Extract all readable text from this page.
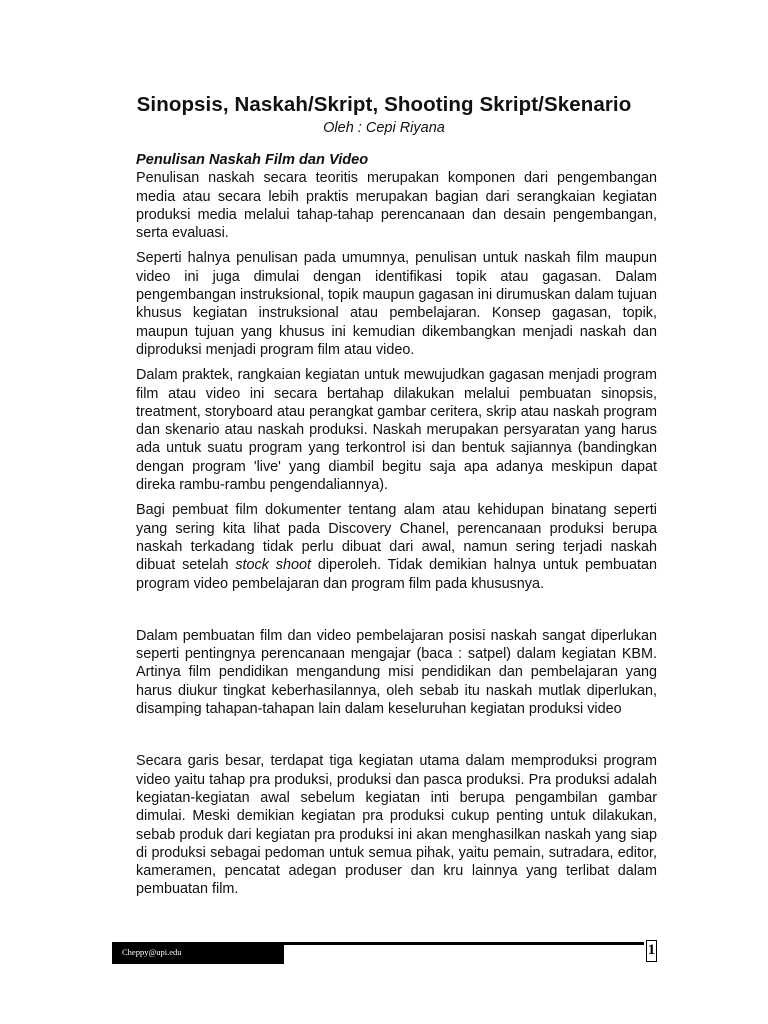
Sinopsis, Naskah/Skript, Shooting Skript/Skenario
Oleh : Cepi Riyana

Penulisan Naskah Film dan Video

Penulisan naskah secara teoritis merupakan komponen dari pengembangan media atau secara lebih praktis merupakan bagian dari serangkaian kegiatan produksi media melalui tahap-tahap perencanaan dan desain pengembangan, serta evaluasi.

Seperti halnya penulisan pada umumnya, penulisan untuk naskah film maupun video ini juga dimulai dengan identifikasi topik atau gagasan. Dalam pengembangan instruksional, topik maupun gagasan ini dirumuskan dalam tujuan khusus kegiatan instruksional atau pembelajaran. Konsep gagasan, topik, maupun tujuan yang khusus ini kemudian dikembangkan menjadi naskah dan diproduksi menjadi program film atau video.

Dalam praktek, rangkaian kegiatan untuk mewujudkan gagasan menjadi program film atau video ini secara bertahap dilakukan melalui pembuatan sinopsis, treatment, storyboard atau perangkat gambar ceritera, skrip atau naskah program dan skenario atau naskah produksi. Naskah merupakan persyaratan yang harus ada untuk suatu program yang terkontrol isi dan bentuk sajiannya (bandingkan dengan program 'live' yang diambil begitu saja apa adanya meskipun dapat direka rambu-rambu pengendaliannya).

Bagi pembuat film dokumenter tentang alam atau kehidupan binatang seperti yang sering kita lihat pada Discovery Chanel, perencanaan produksi berupa naskah terkadang tidak perlu dibuat dari awal, namun sering terjadi naskah dibuat setelah stock shoot diperoleh. Tidak demikian halnya untuk pembuatan program video pembelajaran dan program film pada khususnya.

Dalam pembuatan film dan video pembelajaran posisi naskah sangat diperlukan seperti pentingnya perencanaan mengajar (baca : satpel) dalam kegiatan KBM. Artinya film pendidikan mengandung misi pendidikan dan pembelajaran yang harus diukur tingkat keberhasilannya, oleh sebab itu naskah mutlak diperlukan, disamping tahapan-tahapan lain dalam keseluruhan kegiatan produksi video

Secara garis besar, terdapat tiga kegiatan utama dalam memproduksi program video yaitu tahap pra produksi, produksi dan pasca produksi. Pra produksi adalah kegiatan-kegiatan awal sebelum kegiatan inti berupa pengambilan gambar dimulai. Meski demikian kegiatan pra produksi cukup penting untuk dilakukan, sebab produk dari kegiatan pra produksi ini akan menghasilkan naskah yang siap di produksi sebagai pedoman untuk semua pihak, yaitu pemain, sutradara, editor, kameramen, pencatat adegan produser dan kru lainnya yang terlibat dalam pembuatan film.

Cheppy@upi.edu	1
